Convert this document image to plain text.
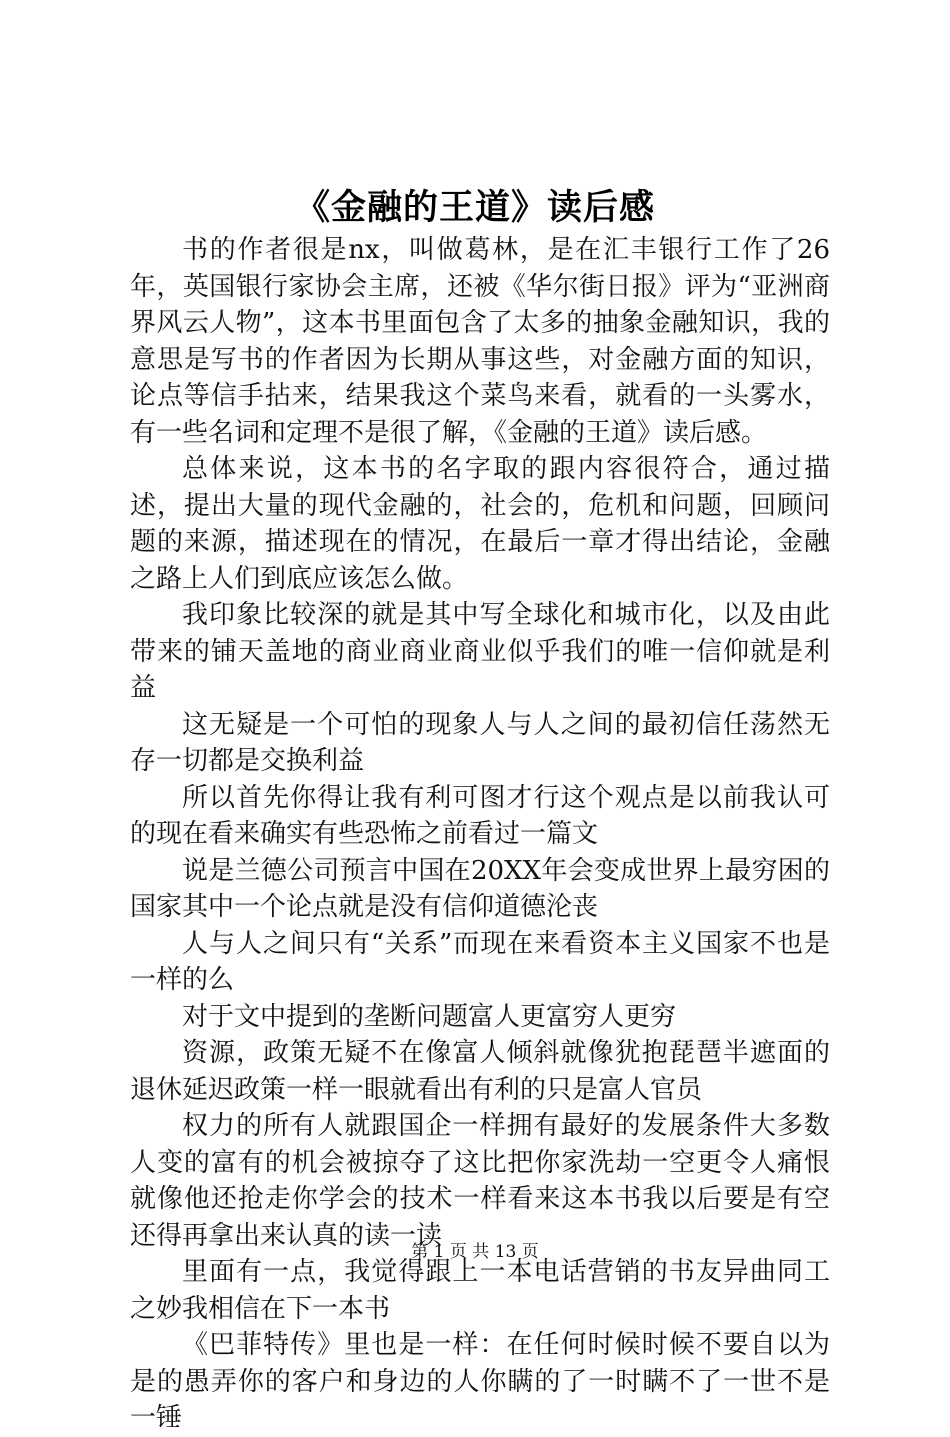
《金融的王道》读后感

书的作者很是nx，叫做葛林，是在汇丰银行工作了26年，英国银行家协会主席，还被《华尔街日报》评为“亚洲商界风云人物”，这本书里面包含了太多的抽象金融知识，我的意思是写书的作者因为长期从事这些，对金融方面的知识，论点等信手拈来，结果我这个菜鸟来看，就看的一头雾水，有一些名词和定理不是很了解，《金融的王道》读后感。

总体来说，这本书的名字取的跟内容很符合，通过描述，提出大量的现代金融的，社会的，危机和问题，回顾问题的来源，描述现在的情况，在最后一章才得出结论，金融之路上人们到底应该怎么做。

我印象比较深的就是其中写全球化和城市化，以及由此带来的铺天盖地的商业商业商业似乎我们的唯一信仰就是利益

这无疑是一个可怕的现象人与人之间的最初信任荡然无存一切都是交换利益

所以首先你得让我有利可图才行这个观点是以前我认可的现在看来确实有些恐怖之前看过一篇文

说是兰德公司预言中国在20XX年会变成世界上最穷困的国家其中一个论点就是没有信仰道德沦丧

人与人之间只有“关系”而现在来看资本主义国家不也是一样的么

对于文中提到的垄断问题富人更富穷人更穷

资源，政策无疑不在像富人倾斜就像犹抱琵琶半遮面的退休延迟政策一样一眼就看出有利的只是富人官员

权力的所有人就跟国企一样拥有最好的发展条件大多数人变的富有的机会被掠夺了这比把你家洗劫一空更令人痛恨就像他还抢走你学会的技术一样看来这本书我以后要是有空还得再拿出来认真的读一读

里面有一点，我觉得跟上一本电话营销的书友异曲同工之妙我相信在下一本书

《巴菲特传》里也是一样：在任何时候时候不要自以为是的愚弄你的客户和身边的人你瞒的了一时瞒不了一世不是一锤

第 1 页 共 13 页
